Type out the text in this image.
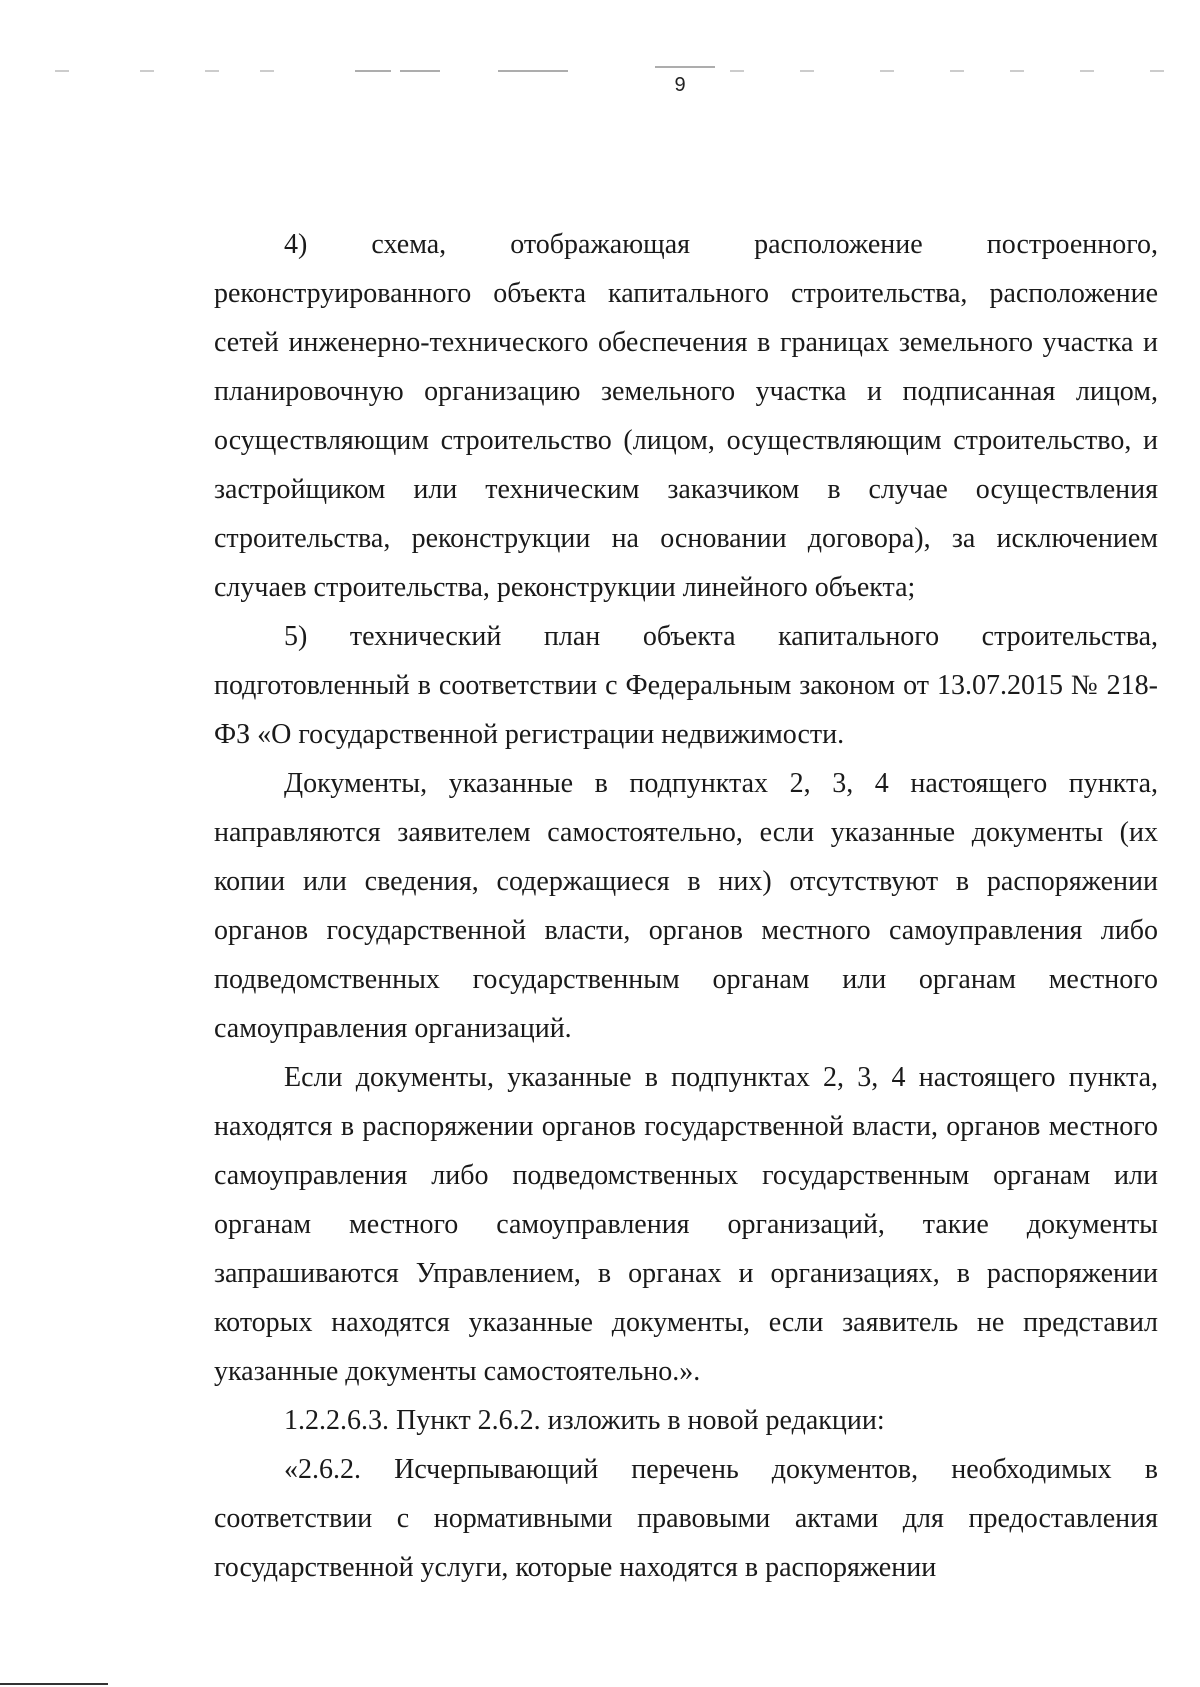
9

4) схема, отображающая расположение построенного, реконструированного объекта капитального строительства, расположение сетей инженерно-технического обеспечения в границах земельного участка и планировочную организацию земельного участка и подписанная лицом, осуществляющим строительство (лицом, осуществляющим строительство, и застройщиком или техническим заказчиком в случае осуществления строительства, реконструкции на основании договора), за исключением случаев строительства, реконструкции линейного объекта;

5) технический план объекта капитального строительства, подготовленный в соответствии с Федеральным законом от 13.07.2015 № 218-ФЗ «О государственной регистрации недвижимости.

Документы, указанные в подпунктах 2, 3, 4 настоящего пункта, направляются заявителем самостоятельно, если указанные документы (их копии или сведения, содержащиеся в них) отсутствуют в распоряжении органов государственной власти, органов местного самоуправления либо подведомственных государственным органам или органам местного самоуправления организаций.

Если документы, указанные в подпунктах 2, 3, 4 настоящего пункта, находятся в распоряжении органов государственной власти, органов местного самоуправления либо подведомственных государственным органам или органам местного самоуправления организаций, такие документы запрашиваются Управлением, в органах и организациях, в распоряжении которых находятся указанные документы, если заявитель не представил указанные документы самостоятельно.».

1.2.2.6.3. Пункт 2.6.2. изложить в новой редакции:

«2.6.2. Исчерпывающий перечень документов, необходимых в соответствии с нормативными правовыми актами для предоставления государственной услуги, которые находятся в распоряжении
